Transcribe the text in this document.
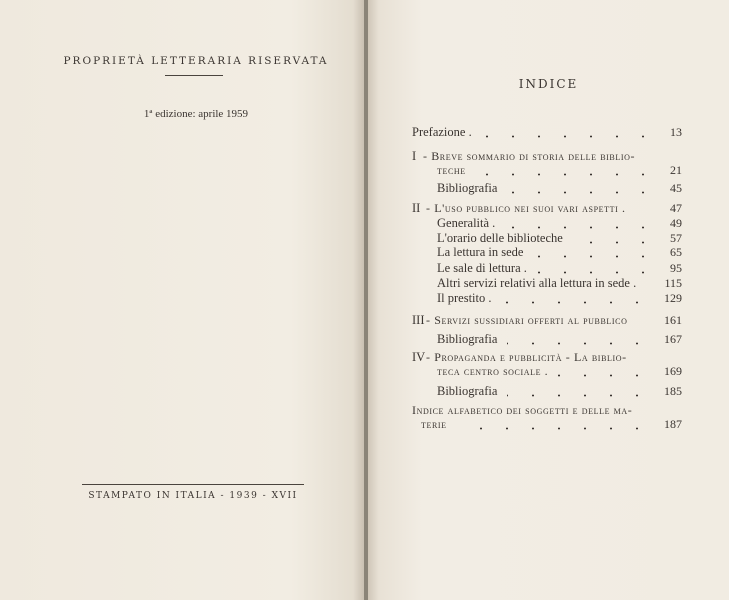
PROPRIETÀ LETTERARIA RISERVATA
1ª edizione: aprile 1959
STAMPATO IN ITALIA - 1939 - XVII
INDICE
Prefazione .	13
I - Breve sommario di storia delle biblio-
teche	21
Bibliografia	45
II - L'uso pubblico nei suoi vari aspetti .	47
Generalità .	49
L'orario delle biblioteche	57
La lettura in sede	65
Le sale di lettura .	95
Altri servizi relativi alla lettura in sede . 115
Il prestito .	129
III - Servizi sussidiari offerti al pubblico	161
Bibliografia	167
IV - Propaganda e pubblicità - La biblio-
teca centro sociale .	169
Bibliografia	185
Indice alfabetico dei soggetti e delle ma-
terie	187
